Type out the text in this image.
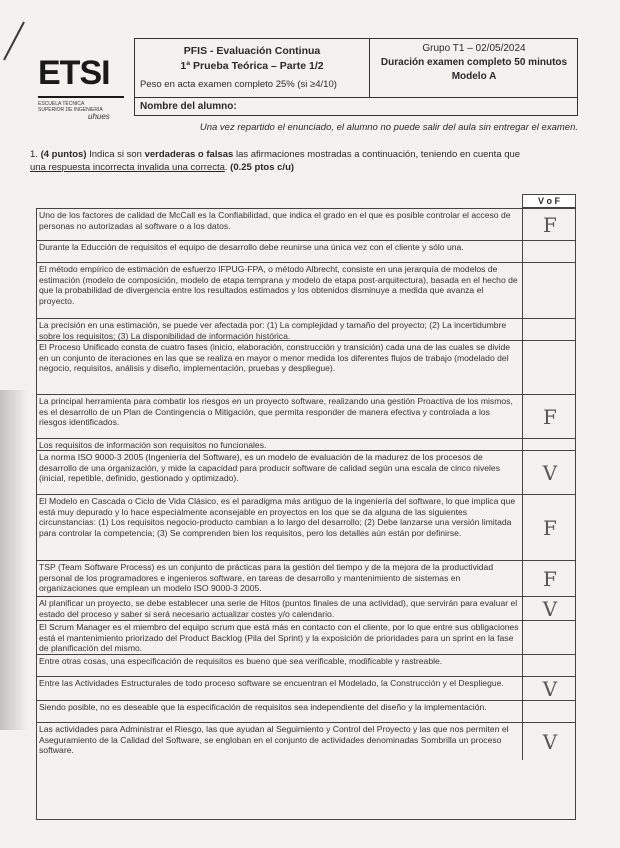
ETSI
ESCUELA TÉCNICA
SUPERIOR DE INGENIERÍA
uhues
PFIS - Evaluación Continua
1ª Prueba Teórica – Parte 1/2
Peso en acta examen completo 25% (si ≥4/10)
Grupo T1 – 02/05/2024
Duración examen completo 50 minutos
Modelo A
Nombre del alumno:
Una vez repartido el enunciado, el alumno no puede salir del aula sin entregar el examen.
1. (4 puntos) Indica si son verdaderas o falsas las afirmaciones mostradas a continuación, teniendo en cuenta que
una respuesta incorrecta invalida una correcta. (0.25 ptos c/u)
V o F
Uno de los factores de calidad de McCall es la Confiabilidad, que indica el grado en el que es posible controlar el acceso de personas no autorizadas al software o a los datos.	F
Durante la Educción de requisitos el equipo de desarrollo debe reunirse una única vez con el cliente y sólo una.
El método empírico de estimación de esfuerzo IFPUG-FPA, o método Albrecht, consiste en una jerarquía de modelos de estimación (modelo de composición, modelo de etapa temprana y modelo de etapa post-arquitectura), basada en el hecho de que la probabilidad de divergencia entre los resultados estimados y los obtenidos disminuye a medida que avanza el proyecto.
La precisión en una estimación, se puede ver afectada por: (1) La complejidad y tamaño del proyecto; (2) La incertidumbre sobre los requisitos; (3) La disponibilidad de información histórica.
El Proceso Unificado consta de cuatro fases (inicio, elaboración, construcción y transición) cada una de las cuales se divide en un conjunto de iteraciones en las que se realiza en mayor o menor medida los diferentes flujos de trabajo (modelado del negocio, requisitos, análisis y diseño, implementación, pruebas y despliegue).
La principal herramienta para combatir los riesgos en un proyecto software, realizando una gestión Proactiva de los mismos, es el desarrollo de un Plan de Contingencia o Mitigación, que permita responder de manera efectiva y controlada a los riesgos identificados.	F
Los requisitos de información son requisitos no funcionales.
La norma ISO 9000-3 2005 (Ingeniería del Software), es un modelo de evaluación de la madurez de los procesos de desarrollo de una organización, y mide la capacidad para producir software de calidad según una escala de cinco niveles (inicial, repetible, definido, gestionado y optimizado).	V
El Modelo en Cascada o Ciclo de Vida Clásico, es el paradigma más antiguo de la ingeniería del software, lo que implica que está muy depurado y lo hace especialmente aconsejable en proyectos en los que se da alguna de las siguientes circunstancias: (1) Los requisitos negocio-producto cambian a lo largo del desarrollo; (2) Debe lanzarse una versión limitada para controlar la competencia; (3) Se comprenden bien los requisitos, pero los detalles aún están por definirse.	F
TSP (Team Software Process) es un conjunto de prácticas para la gestión del tiempo y de la mejora de la productividad personal de los programadores e ingenieros software, en tareas de desarrollo y mantenimiento de sistemas en organizaciones que emplean un modelo ISO 9000-3 2005.	F
Al planificar un proyecto, se debe establecer una serie de Hitos (puntos finales de una actividad), que servirán para evaluar el estado del proceso y saber si será necesario actualizar costes y/o calendario.	V
El Scrum Manager es el miembro del equipo scrum que está más en contacto con el cliente, por lo que entre sus obligaciones está el mantenimiento priorizado del Product Backlog (Pila del Sprint) y la exposición de prioridades para un sprint en la fase de planificación del mismo.
Entre otras cosas, una especificación de requisitos es bueno que sea verificable, modificable y rastreable.
Entre las Actividades Estructurales de todo proceso software se encuentran el Modelado, la Construcción y el Despliegue.	V
Siendo posible, no es deseable que la especificación de requisitos sea independiente del diseño y la implementación.
Las actividades para Administrar el Riesgo, las que ayudan al Seguimiento y Control del Proyecto y las que nos permiten el Aseguramiento de la Calidad del Software, se engloban en el conjunto de actividades denominadas Sombrilla un proceso software.	V
